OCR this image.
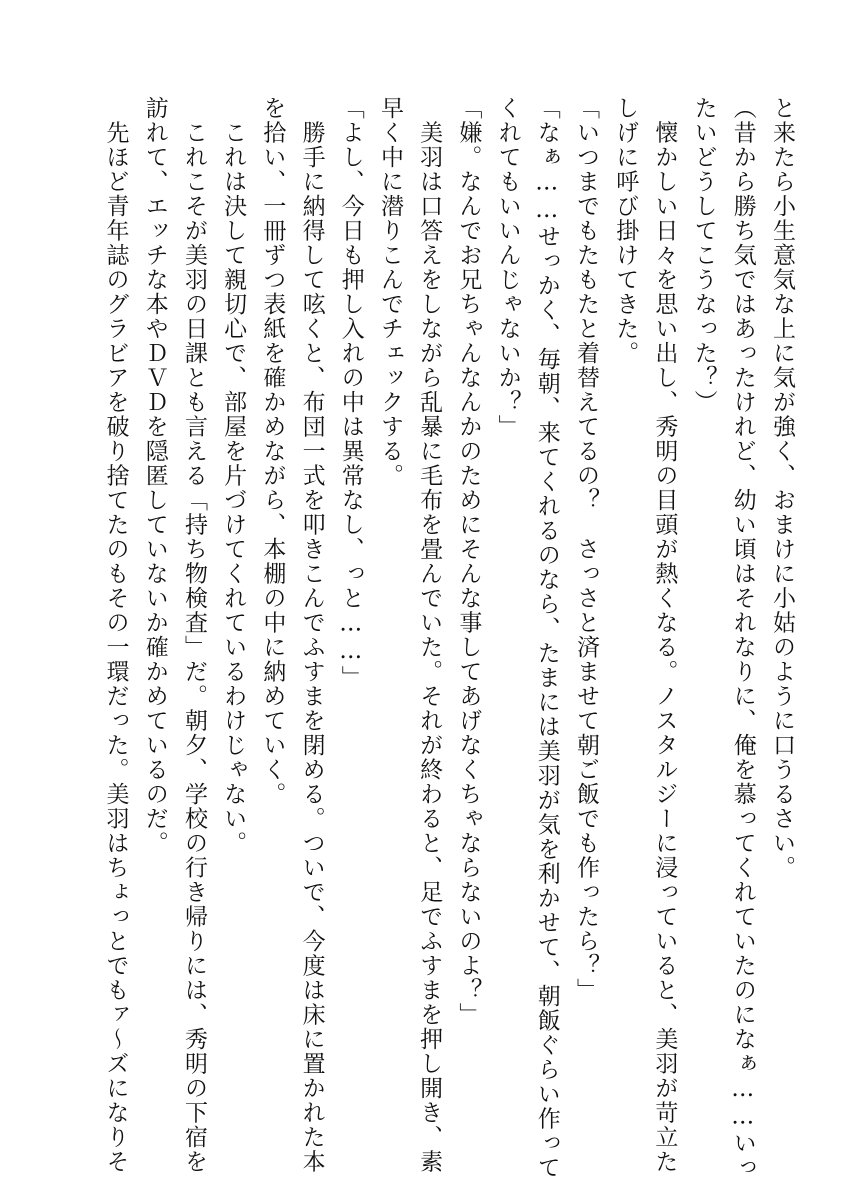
と来たら小生意気な上に気が強く、おまけに小姑のように口うるさい。
（昔から勝ち気ではあったけれど、幼い頃はそれなりに、俺を慕ってくれていたのになぁ……いっ
たいどうしてこうなった？）
　懐かしい日々を思い出し、秀明の目頭が熱くなる。ノスタルジーに浸っていると、美羽が苛立た
しげに呼び掛けてきた。
「いつまでもたもたと着替えてるの？　さっさと済ませて朝ご飯でも作ったら？」
「なぁ……せっかく、毎朝、来てくれるのなら、たまには美羽が気を利かせて、朝飯ぐらい作って
くれてもいいんじゃないか？」
「嫌。なんでお兄ちゃんなんかのためにそんな事してあげなくちゃならないのよ？」
　美羽は口答えをしながら乱暴に毛布を畳んでいた。それが終わると、足でふすまを押し開き、素
早く中に潜りこんでチェックする。
「よし、今日も押し入れの中は異常なし、っと……」
　勝手に納得して呟くと、布団一式を叩きこんでふすまを閉める。ついで、今度は床に置かれた本
を拾い、一冊ずつ表紙を確かめながら、本棚の中に納めていく。
　これは決して親切心で、部屋を片づけてくれているわけじゃない。
　これこそが美羽の日課とも言える「持ち物検査」だ。朝夕、学校の行き帰りには、秀明の下宿を
訪れて、エッチな本やＤＶＤを隠匿していないか確かめているのだ。
　先ほど青年誌のグラビアを破り捨てたのもその一環だった。美羽はちょっとでもァ～ズになりそ
